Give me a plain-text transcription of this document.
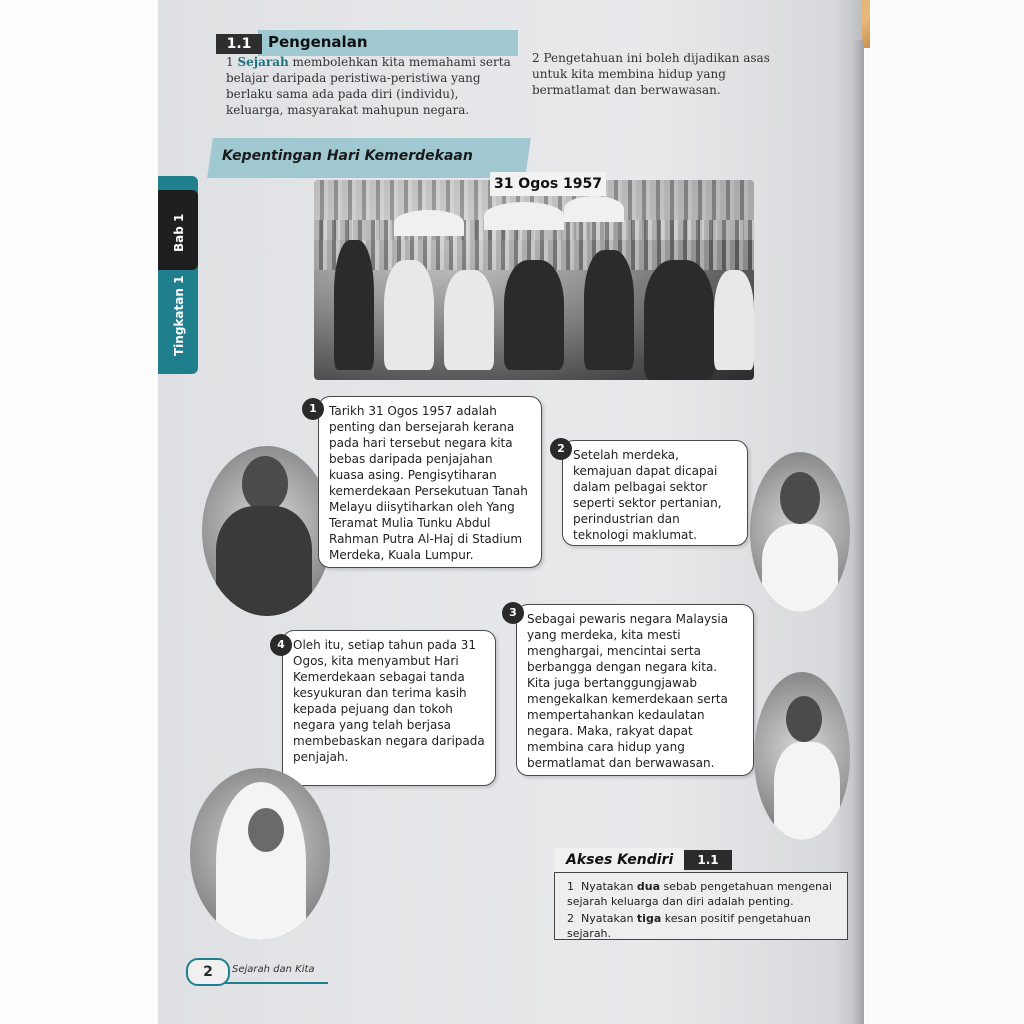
1.1	Pengenalan
1 Sejarah membolehkan kita memahami serta belajar daripada peristiwa-peristiwa yang berlaku sama ada pada diri (individu), keluarga, masyarakat mahupun negara.
2 Pengetahuan ini boleh dijadikan asas untuk kita membina hidup yang bermatlamat dan berwawasan.
Kepentingan Hari Kemerdekaan
Bab 1
Tingkatan 1
31 Ogos 1957
Tarikh 31 Ogos 1957 adalah penting dan bersejarah kerana pada hari tersebut negara kita bebas daripada penjajahan kuasa asing. Pengisytiharan kemerdekaan Persekutuan Tanah Melayu diisytiharkan oleh Yang Teramat Mulia Tunku Abdul Rahman Putra Al-Haj di Stadium Merdeka, Kuala Lumpur.
1
Setelah merdeka, kemajuan dapat dicapai dalam pelbagai sektor seperti sektor pertanian, perindustrian dan teknologi maklumat.
2
Sebagai pewaris negara Malaysia yang merdeka, kita mesti menghargai, mencintai serta berbangga dengan negara kita. Kita juga bertanggungjawab mengekalkan kemerdekaan serta mempertahankan kedaulatan negara. Maka, rakyat dapat membina cara hidup yang bermatlamat dan berwawasan.
3
Oleh itu, setiap tahun pada 31 Ogos, kita menyambut Hari Kemerdekaan sebagai tanda kesyukuran dan terima kasih kepada pejuang dan tokoh negara yang telah berjasa membebaskan negara daripada penjajah.
4
Akses Kendiri	1.1
1 Nyatakan dua sebab pengetahuan mengenai sejarah keluarga dan diri adalah penting.
2 Nyatakan tiga kesan positif pengetahuan sejarah.
2	Sejarah dan Kita
